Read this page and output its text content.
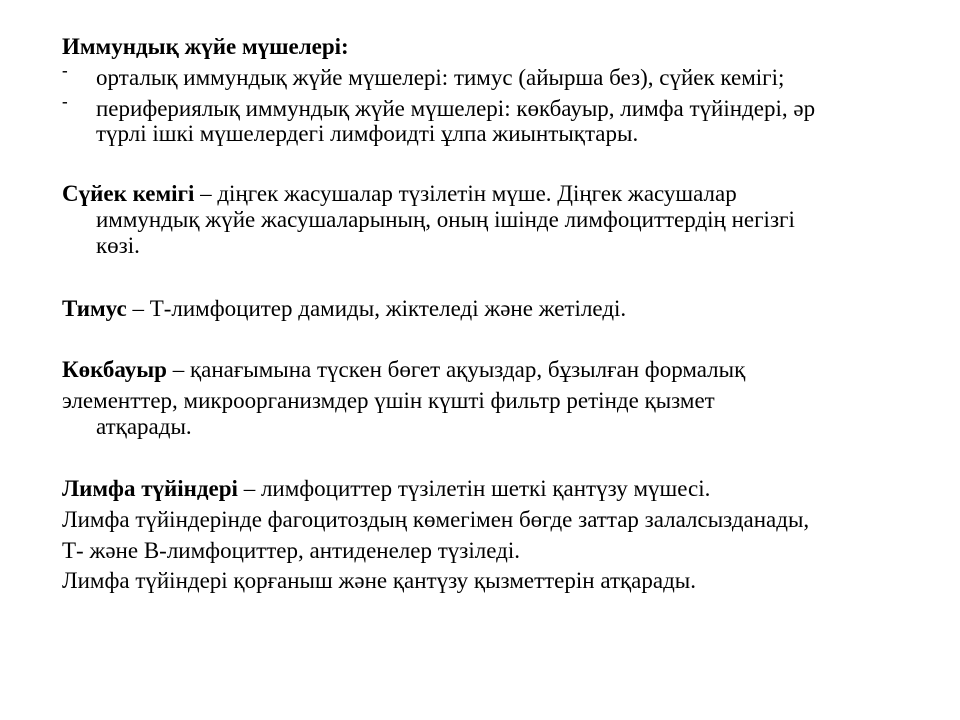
Иммундық жүйе мүшелері:

- орталық иммундық жүйе мүшелері: тимус (айырша без), сүйек кемігі;

- перифериялық иммундық жүйе мүшелері: көкбауыр, лимфа түйіндері, әр

түрлі ішкі мүшелердегі лимфоидті ұлпа жиынтықтары.

Сүйек кемігі – діңгек жасушалар түзілетін мүше. Діңгек жасушалар

иммундық жүйе жасушаларының, оның ішінде лимфоциттердің негізгі

көзі.

Тимус – Т-лимфоцитер дамиды, жіктеледі және жетіледі.

Көкбауыр – қанағымына түскен бөгет ақуыздар, бұзылған формалық

элементтер, микроорганизмдер үшін күшті фильтр ретінде қызмет

атқарады.

Лимфа түйіндері – лимфоциттер түзілетін шеткі қантүзу мүшесі.

Лимфа түйіндерінде фагоцитоздың көмегімен бөгде заттар залалсызданады,

Т- және В-лимфоциттер, антиденелер түзіледі.

Лимфа түйіндері қорғаныш және қантүзу қызметтерін атқарады.
